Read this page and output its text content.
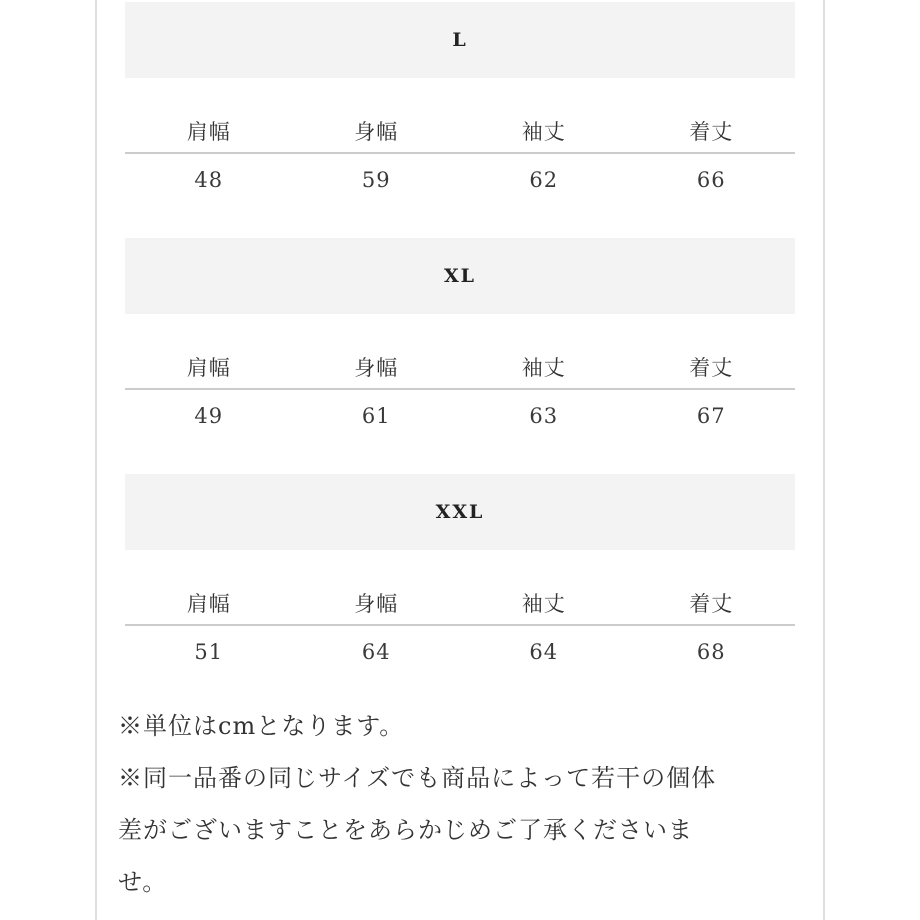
L
肩幅	身幅	袖丈	着丈
48	59	62	66
XL
肩幅	身幅	袖丈	着丈
49	61	63	67
XXL
肩幅	身幅	袖丈	着丈
51	64	64	68

※単位はcmとなります。

※同一品番の同じサイズでも商品によって若干の個体

差がございますことをあらかじめご了承くださいま

せ。
